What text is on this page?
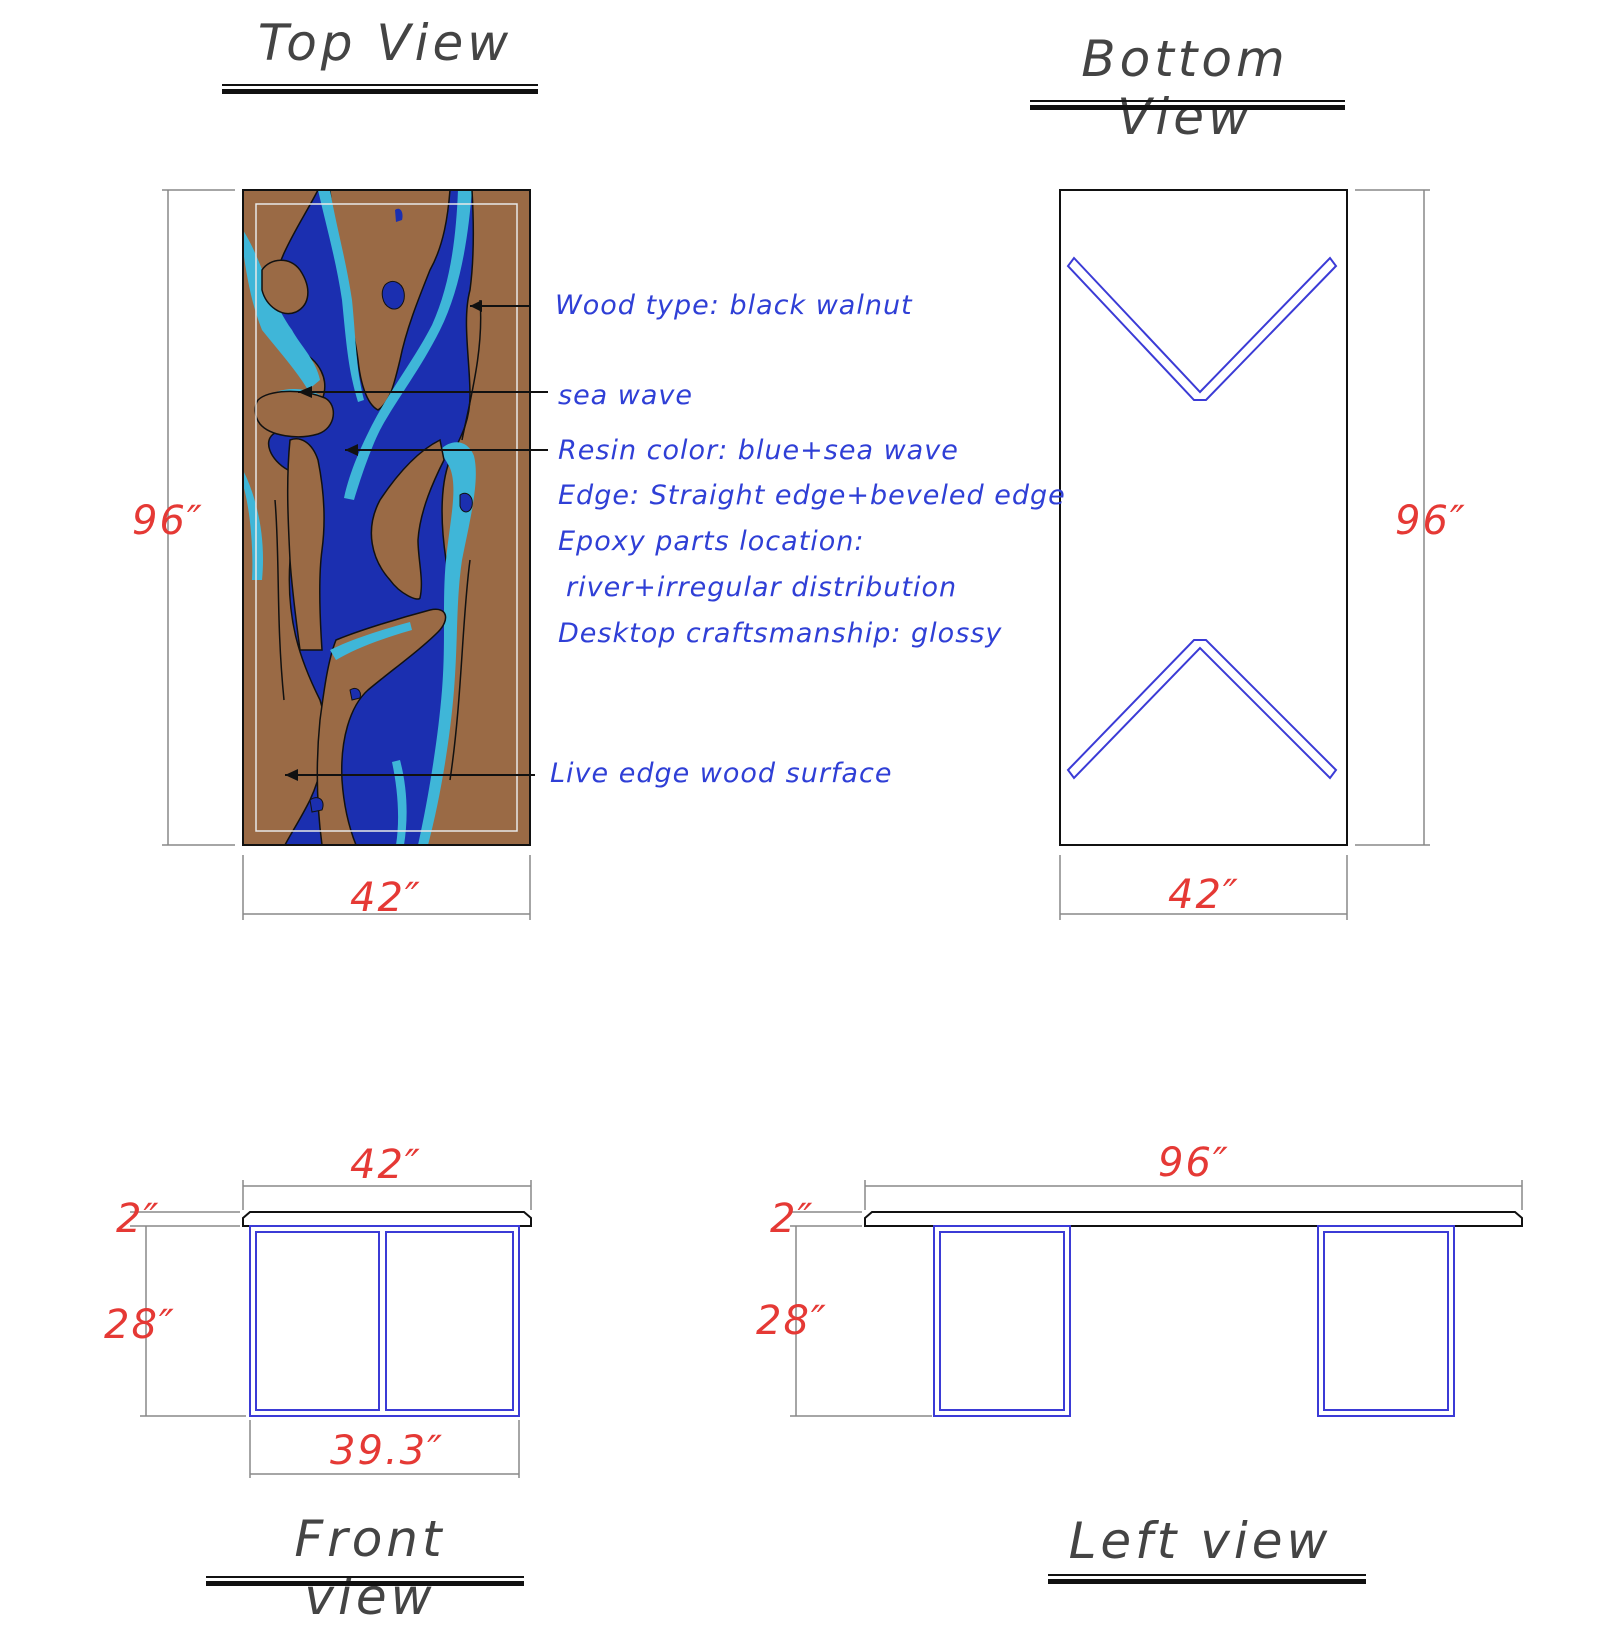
Top View	Bottom View
Front view
Left view
Wood type: black walnut
sea wave
Resin color: blue+sea wave
Edge: Straight edge+beveled edge
Epoxy parts location:
river+irregular distribution
Desktop craftsmanship: glossy
Live edge wood surface
96″
42″
96″
42″
42″
2″
28″
39.3″
96″
2″
28″
